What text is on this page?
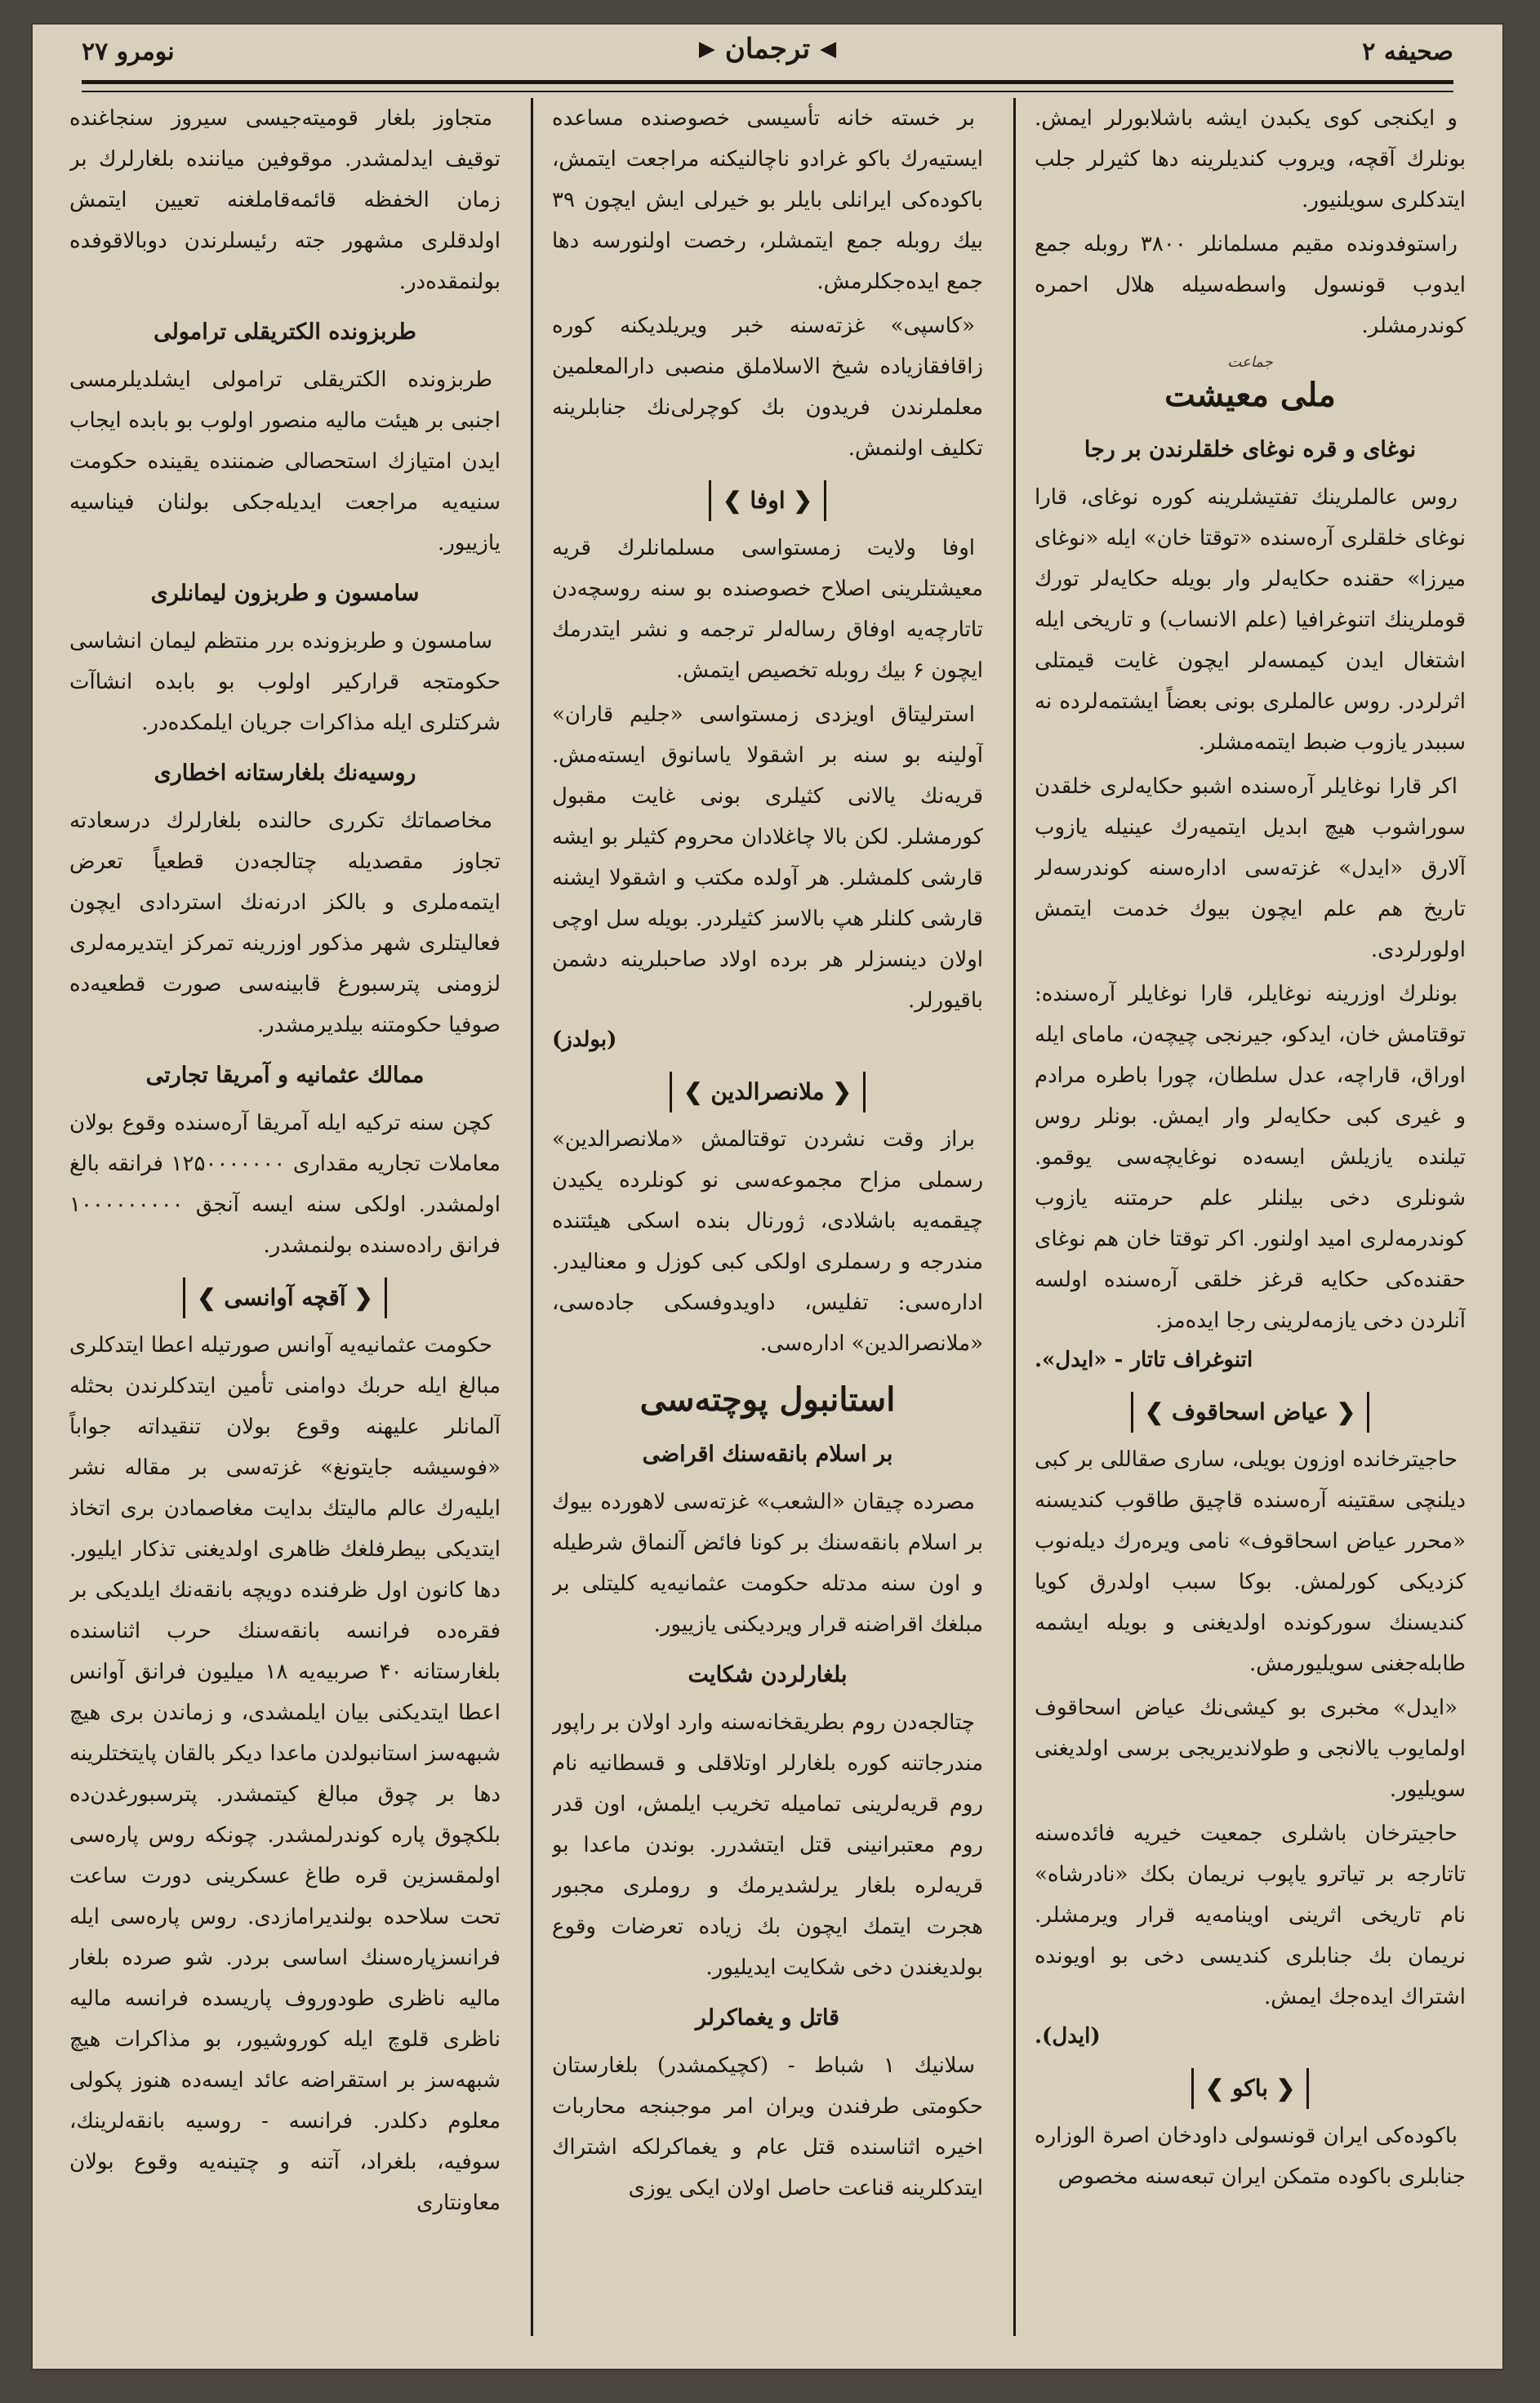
صحیفه ۲
◀
ترجمان
▶
نومرو ۲۷

و ایکنجی کوی یکبدن ایشه باشلابورلر ایمش. بونلرك آقچه، ویروب کندیلرینه دها کثیرلر جلب ایتدکلری سویلنیور.

راستوفدونده مقیم مسلمانلر ۳۸۰۰ روبله جمع ایدوب قونسول واسطه‌سیله هلال احمره کوندرمشلر.

جماعت
ملی معیشت
نوغای و قره نوغای خلقلرندن بر رجا

روس عالملرینك تفتیشلرینه کوره نوغای، قارا نوغای خلقلری آره‌سنده «توقتا خان» ایله «نوغای میرزا» حقنده حکایه‌لر وار بویله حکایه‌لر تورك قوملرینك اتنوغرافیا (علم الانساب) و تاریخی ایله اشتغال ایدن کیمسه‌لر ایچون غایت قیمتلی اثرلردر. روس عالملری بونی بعضاً ایشتمه‌لرده نه سببدر یازوب ضبط ایتمه‌مشلر.

اکر قارا نوغایلر آره‌سنده اشبو حکایه‌لری خلقدن سوراشوب هیچ ابدیل ایتمیه‌رك عینیله یازوب آلارق «ایدل» غزته‌سی اداره‌سنه کوندرسه‌لر تاریخ هم علم ایچون بیوك خدمت ایتمش اولورلردی.

بونلرك اوزرینه نوغایلر، قارا نوغایلر آره‌سنده: توقتامش خان، ایدکو، جیرنجی چیچه‌ن، مامای ایله اوراق، قاراچه، عدل سلطان، چورا باطره مرادم و غیری کبی حکایه‌لر وار ایمش. بونلر روس تیلنده یازیلش ایسه‌ده نوغایچه‌سی یوقمو. شونلری دخی بیلنلر علم حرمتنه یازوب کوندرمه‌لری امید اولنور. اکر توقتا خان هم نوغای حقنده‌کی حکایه قرغز خلقی آره‌سنده اولسه آنلردن دخی یازمه‌لرینی رجا ایده‌مز.

اتنوغراف تاتار - «ایدل».
❮ عیاض اسحاقوف ❯

حاجیترخانده اوزون بویلی، ساری صقاللی بر کبی دیلنچی سقتینه آره‌سنده قاچیق طاقوب کندیسنه «محرر عیاض اسحاقوف» نامی ویره‌رك دیله‌نوب کزدیکی کورلمش. بوکا سبب اولدرق کویا کندیسنك سورکونده اولدیغنی و بویله ایشمه طابلەجغنی سویلیورمش.

«ایدل» مخبری بو کیشی‌نك عیاض اسحاقوف اولمایوب یالانجی و طولاندیریجی برسی اولدیغنی سویلیور.

حاجیترخان باشلری جمعیت خیریه فائده‌سنه تاتارجه بر تیاترو یاپوب نریمان بکك «نادرشاه» نام تاریخی اثرینی اوینامه‌یه قرار ویرمشلر. نریمان بك جنابلری کندیسی دخی بو اویونده اشتراك ایده‌جك ایمش.

(ایدل).
❮ باکو ❯

باکوده‌کی ایران قونسولی داودخان اصرة الوزاره جنابلری باکوده متمکن ایران تبعه‌سنه مخصوص

بر خسته خانه تأسیسی خصوصنده مساعده ایستیه‌رك باکو غرادو ناچالنیکنه مراجعت ایتمش، باکوده‌کی ایرانلی بایلر بو خیرلی ایش ایچون ۳۹ بیك روبله جمع ایتمشلر، رخصت اولنورسه دها جمع ایده‌جکلرمش.

«کاسپی» غزته‌سنه خبر ویریلدیکنه کوره زاقافقازیاده شیخ الاسلاملق منصبی دارالمعلمین معلملرندن فریدون بك کوچرلی‌نك جنابلرینه تکلیف اولنمش.

❮ اوفا ❯

اوفا ولایت زمستواسی مسلمانلرك قریه معیشتلرینی اصلاح خصوصنده بو سنه روسچه‌دن تاتارچه‌یه اوفاق رساله‌لر ترجمه و نشر ایتدرمك ایچون ۶ بیك روبله تخصیص ایتمش.

استرلیتاق اویزدی زمستواسی «جلیم قاران» آولینه بو سنه بر اشقولا یاسانوق ایسته‌مش. قریه‌نك یالانی کثیلری بونی غایت مقبول کورمشلر. لکن بالا چاغلادان محروم کثیلر بو ایشه قارشی کلمشلر. هر آولده مکتب و اشقولا ایشنه قارشی کلنلر هپ بالاسز کثیلردر. بویله سل اوچی اولان دینسزلر هر برده اولاد صاحبلرینه دشمن باقیورلر.

(بولدز)
❮ ملانصرالدین ❯

براز وقت نشردن توقتالمش «ملانصرالدین» رسملی مزاح مجموعه‌سی نو کونلرده یکیدن چیقمه‌یه باشلادی، ژورنال بنده اسکی هیئتنده مندرجه و رسملری اولکی کبی کوزل و معنالیدر. اداره‌سی: تفلیس، داویدوفسکی جاده‌سی، «ملانصرالدین» اداره‌سی.

استانبول پوچته‌سی
بر اسلام بانقه‌سنك اقراضی

مصرده چیقان «الشعب» غزته‌سی لاهورده بیوك بر اسلام بانقه‌سنك بر کونا فائض آلنماق شرطیله و اون سنه مدتله حکومت عثمانیه‌یه کلیتلی بر مبلغك اقراضنه قرار ویردیکنی یازییور.

بلغارلردن شکایت

چتالجه‌دن روم بطریقخانه‌سنه وارد اولان بر راپور مندرجاتنه کوره بلغارلر اوتلاقلی و قسطانیه نام روم قریه‌لرینی تمامیله تخریب ایلمش، اون قدر روم معتبرانینی قتل ایتشدرر. بوندن ماعدا بو قریه‌لره بلغار یرلشدیرمك و روملری مجبور هجرت ایتمك ایچون بك زیاده تعرضات وقوع بولدیغندن دخی شکایت ایدیلیور.

قاتل و یغماکرلر

سلانیك ۱ شباط - (کچیکمشدر) بلغارستان حکومتی طرفندن ویران امر موجبنجه محاربات اخیره اثناسنده قتل عام و یغماکرلکه اشتراك ایتدکلرینه قناعت حاصل اولان ایکی یوزی

متجاوز بلغار قومیته‌جیسی سیروز سنجاغنده توقیف ایدلمشدر. موقوفین میاننده بلغارلرك بر زمان الخفظه قائمه‌قاملغنه تعیین ایتمش اولدقلری مشهور جته رئیسلرندن دوبالاقوفده بولنمقده‌در.

طربزونده الکتریقلی ترامولی

طربزونده الکتریقلی ترامولی ایشلدیلرمسی اجنبی بر هیئت مالیه منصور اولوب بو بابده ایجاب ایدن امتیازك استحصالی ضمننده یقینده حکومت سنیه‌یه مراجعت ایدیله‌جکی بولنان فیناسیه یازییور.

سامسون و طربزون لیمانلری

سامسون و طربزونده برر منتظم لیمان انشاسی حکومتجه قرارکیر اولوب بو بابده انشاآت شرکتلری ایله مذاکرات جریان ایلمکده‌در.

روسیه‌نك بلغارستانه اخطاری

مخاصماتك تکرری حالنده بلغارلرك درسعادته تجاوز مقصدیله چتالجه‌دن قطعیاً تعرض ایتمه‌ملری و بالکز ادرنه‌نك استردادی ایچون فعالیتلری شهر مذکور اوزرینه تمرکز ایتدیرمه‌لری لزومنی پترسبورغ قابینه‌سی صورت قطعیه‌ده صوفیا حکومتنه بیلدیرمشدر.

ممالك عثمانیه و آمریقا تجارتی

کچن سنه ترکیه ایله آمریقا آره‌سنده وقوع بولان معاملات تجاریه مقداری ۱۲۵۰۰۰۰۰۰۰ فرانقه بالغ اولمشدر. اولکی سنه ایسه آنجق ۱۰۰۰۰۰۰۰۰۰ فرانق راده‌سنده بولنمشدر.

❮ آقچه آوانسی ❯

حکومت عثمانیه‌یه آوانس صورتیله اعطا ایتدکلری مبالغ ایله حربك دوامنی تأمین ایتدکلرندن بحثله آلمانلر علیهنه وقوع بولان تنقیداته جواباً «فوسیشه جایتونغ» غزته‌سی بر مقاله نشر ایلیه‌رك عالم مالیتك بدایت مغاصمادن بری اتخاذ ایتدیکی بیطرفلغك ظاهری اولدیغنی تذکار ایلیور. دها کانون اول ظرفنده دویچه بانقه‌نك ایلدیکی بر فقره‌ده فرانسه بانقه‌سنك حرب اثناسنده بلغارستانه ۴۰ صربیه‌یه ۱۸ میلیون فرانق آوانس اعطا ایتدیکنی بیان ایلمشدی، و زماندن بری هیچ شبهه‌سز استانبولدن ماعدا دیکر بالقان پایتختلرینه دها بر چوق مبالغ کیتمشدر. پترسبورغدن‌ده بلکچوق پاره کوندرلمشدر. چونکه روس پاره‌سی اولمقسزین قره طاغ عسکرینی دورت ساعت تحت سلاحده بولندیرامازدی. روس پاره‌سی ایله فرانسزپاره‌سنك اساسی بردر. شو صرده بلغار مالیه ناظری طودوروف پاریسده فرانسه مالیه ناظری قلوچ ایله کوروشیور، بو مذاکرات هیچ شبهه‌سز بر استقراضه عائد ایسه‌ده هنوز پکولی معلوم دکلدر. فرانسه - روسیه بانقه‌لرینك، سوفیه، بلغراد، آتنه و چتینه‌یه وقوع بولان معاونتاری
